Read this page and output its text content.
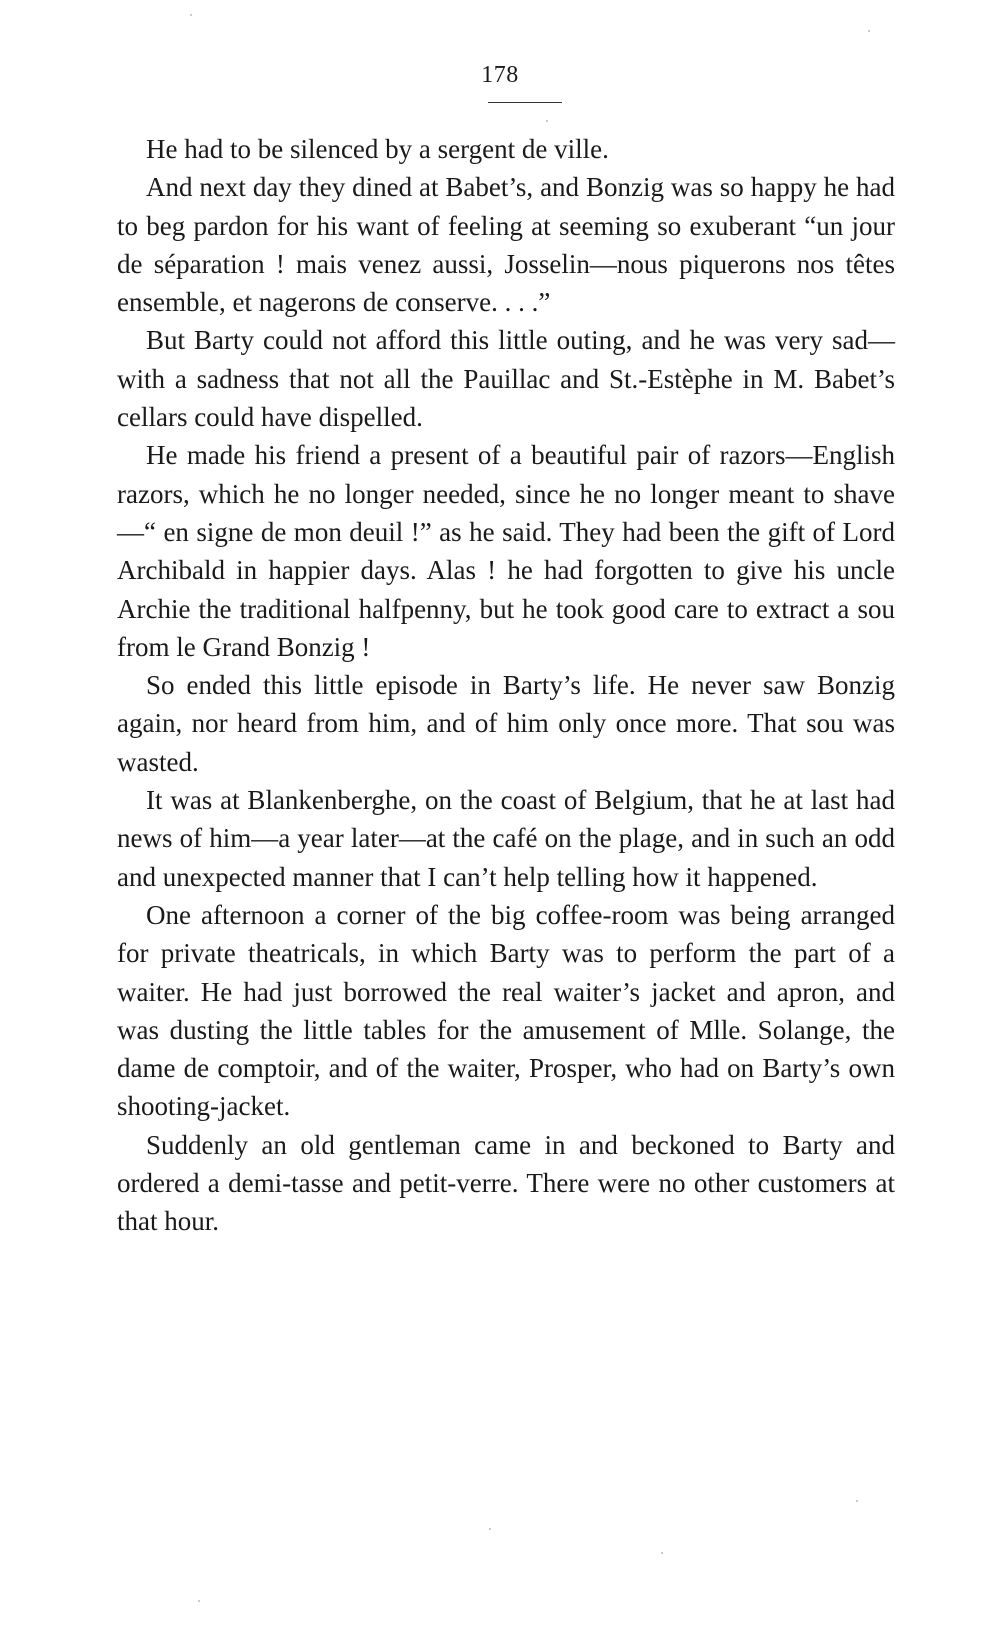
178

He had to be silenced by a sergent de ville.

And next day they dined at Babet’s, and Bonzig was so happy he had to beg pardon for his want of feeling at seeming so exuberant “un jour de séparation ! mais venez aussi, Josselin—nous piquerons nos têtes ensemble, et nagerons de conserve. . . .”

But Barty could not afford this little outing, and he was very sad—with a sadness that not all the Pauillac and St.-Estèphe in M. Babet’s cellars could have dispelled.

He made his friend a present of a beautiful pair of razors—English razors, which he no longer needed, since he no longer meant to shave—“ en signe de mon deuil !” as he said. They had been the gift of Lord Archibald in happier days. Alas ! he had forgotten to give his uncle Archie the traditional halfpenny, but he took good care to extract a sou from le Grand Bonzig !

So ended this little episode in Barty’s life. He never saw Bonzig again, nor heard from him, and of him only once more. That sou was wasted.

It was at Blankenberghe, on the coast of Belgium, that he at last had news of him—a year later—at the café on the plage, and in such an odd and unexpected manner that I can’t help telling how it happened.

One afternoon a corner of the big coffee-room was being arranged for private theatricals, in which Barty was to perform the part of a waiter. He had just borrowed the real waiter’s jacket and apron, and was dusting the little tables for the amusement of Mlle. Solange, the dame de comptoir, and of the waiter, Prosper, who had on Barty’s own shooting-jacket.

Suddenly an old gentleman came in and beckoned to Barty and ordered a demi-tasse and petit-verre. There were no other customers at that hour.
